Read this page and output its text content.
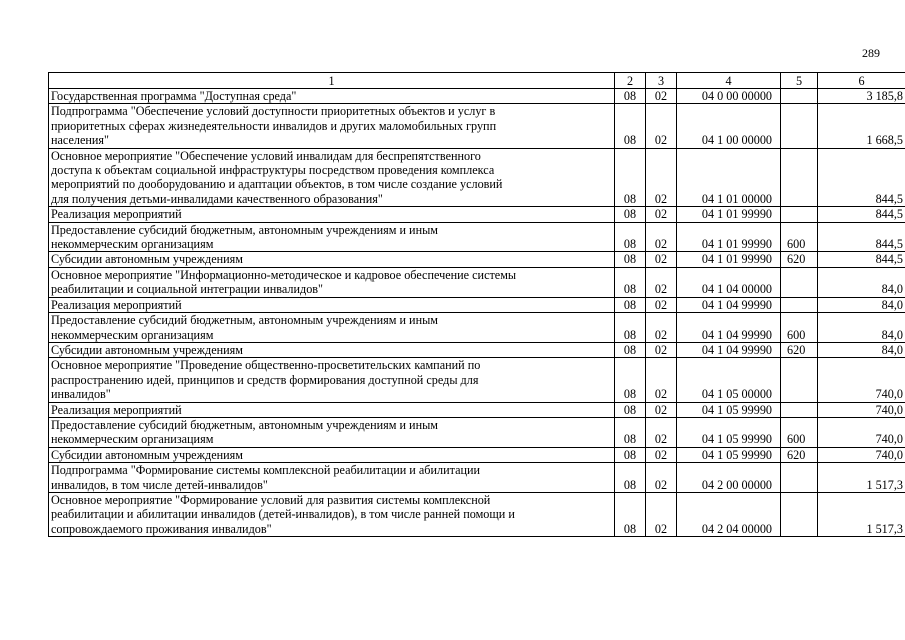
289
1	2	3	4	5	6
Государственная программа "Доступная среда"	08	02	04 0 00 00000		3 185,8
Подпрограмма "Обеспечение условий доступности приоритетных объектов и услуг в
приоритетных сферах жизнедеятельности инвалидов и других маломобильных групп
населения"	08	02	04 1 00 00000		1 668,5
Основное мероприятие "Обеспечение условий инвалидам для беспрепятственного
доступа к объектам социальной инфраструктуры посредством проведения комплекса
мероприятий по дооборудованию и адаптации объектов, в том числе создание условий
для получения детьми-инвалидами качественного образования"	08	02	04 1 01 00000		844,5
Реализация мероприятий	08	02	04 1 01 99990		844,5
Предоставление субсидий бюджетным, автономным учреждениям и иным
некоммерческим организациям	08	02	04 1 01 99990	600	844,5
Субсидии автономным учреждениям	08	02	04 1 01 99990	620	844,5
Основное мероприятие "Информационно-методическое и кадровое обеспечение системы
реабилитации и социальной интеграции инвалидов"	08	02	04 1 04 00000		84,0
Реализация мероприятий	08	02	04 1 04 99990		84,0
Предоставление субсидий бюджетным, автономным учреждениям и иным
некоммерческим организациям	08	02	04 1 04 99990	600	84,0
Субсидии автономным учреждениям	08	02	04 1 04 99990	620	84,0
Основное мероприятие "Проведение общественно-просветительских кампаний по
распространению идей, принципов и средств формирования доступной среды для
инвалидов"	08	02	04 1 05 00000		740,0
Реализация мероприятий	08	02	04 1 05 99990		740,0
Предоставление субсидий бюджетным, автономным учреждениям и иным
некоммерческим организациям	08	02	04 1 05 99990	600	740,0
Субсидии автономным учреждениям	08	02	04 1 05 99990	620	740,0
Подпрограмма "Формирование системы комплексной реабилитации и абилитации
инвалидов, в том числе детей-инвалидов"	08	02	04 2 00 00000		1 517,3
Основное мероприятие "Формирование условий для развития системы комплексной
реабилитации и абилитации инвалидов (детей-инвалидов), в том числе ранней помощи и
сопровождаемого проживания инвалидов"	08	02	04 2 04 00000		1 517,3
